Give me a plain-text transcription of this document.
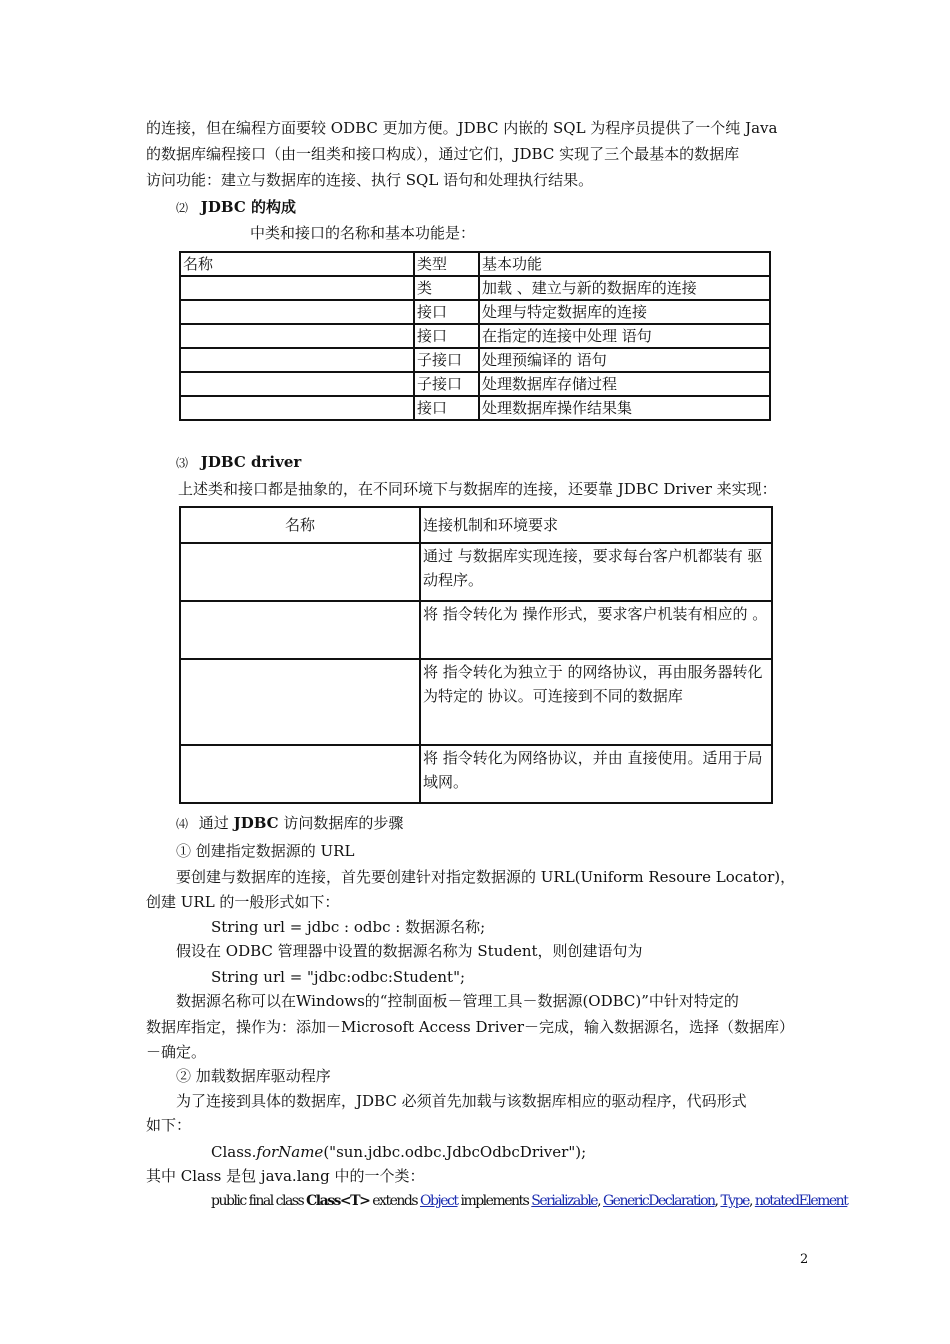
的连接，但在编程方面要较 ODBC 更加方便。JDBC 内嵌的 SQL 为程序员提供了一个纯 Java
的数据库编程接口（由一组类和接口构成），通过它们，JDBC 实现了三个最基本的数据库
访问功能：建立与数据库的连接、执行 SQL 语句和处理执行结果。
⑵ JDBC 的构成
中类和接口的名称和基本功能是：
名称	类型	基本功能
	类	加载 、建立与新的数据库的连接
	接口	处理与特定数据库的连接
	接口	在指定的连接中处理 语句
	子接口	处理预编译的 语句
	子接口	处理数据库存储过程
	接口	处理数据库操作结果集
⑶ JDBC driver
上述类和接口都是抽象的，在不同环境下与数据库的连接，还要靠 JDBC Driver 来实现：
名称	连接机制和环境要求
	通过 与数据库实现连接，要求每台客户机都装有 驱动程序。
	将 指令转化为 操作形式，要求客户机装有相应的 。
	将 指令转化为独立于 的网络协议，再由服务器转化为特定的 协议。可连接到不同的数据库
	将 指令转化为网络协议，并由 直接使用。适用于局域网。
⑷ 通过 JDBC 访问数据库的步骤
① 创建指定数据源的 URL
要创建与数据库的连接，首先要创建针对指定数据源的 URL(Uniform Resoure Locator)，
创建 URL 的一般形式如下：
String url = jdbc : odbc : 数据源名称;
假设在 ODBC 管理器中设置的数据源名称为 Student，则创建语句为
String url = "jdbc:odbc:Student";
数据源名称可以在Windows的“控制面板－管理工具－数据源(ODBC)”中针对特定的
数据库指定，操作为：添加－Microsoft Access Driver－完成，输入数据源名，选择（数据库）
－确定。
② 加载数据库驱动程序
为了连接到具体的数据库，JDBC 必须首先加载与该数据库相应的驱动程序，代码形式
如下：
Class.forName("sun.jdbc.odbc.JdbcOdbcDriver");
其中 Class 是包 java.lang 中的一个类：
public final class Class<T> extends Object implements Serializable, GenericDeclaration, Type, notatedElement
2
